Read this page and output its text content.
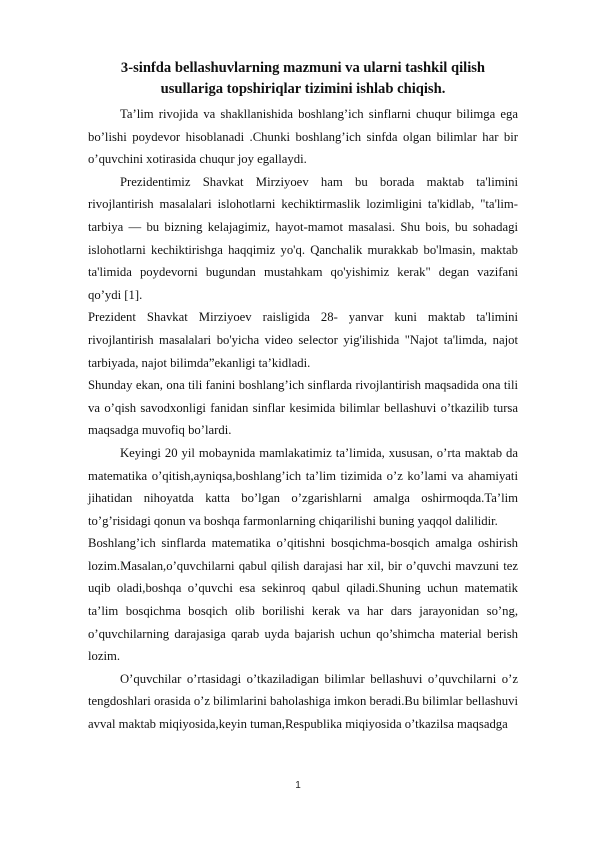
3-sinfda bellashuvlarning mazmuni va ularni tashkil qilish usullariga topshiriqlar tizimini ishlab chiqish.

Ta’lim rivojida va shakllanishida boshlang’ich sinflarni chuqur bilimga ega bo’lishi poydevor hisoblanadi .Chunki boshlang’ich sinfda olgan bilimlar har bir o’quvchini xotirasida chuqur joy egallaydi.

Prezidentimiz Shavkat Mirziyoev ham bu borada maktab ta'limini rivojlantirish masalalari islohotlarni kechiktirmaslik lozimligini ta'kidlab, "ta'lim-tarbiya — bu bizning kelajagimiz, hayot-mamot masalasi. Shu bois, bu sohadagi islohotlarni kechiktirishga haqqimiz yo'q. Qanchalik murakkab bo'lmasin, maktab ta'limida poydevorni bugundan mustahkam qo'yishimiz kerak" degan vazifani qo’ydi [1].

Prezident Shavkat Mirziyoev raisligida 28- yanvar kuni maktab ta'limini rivojlantirish masalalari bo'yicha video selector yig'ilishida "Najot ta'limda, najot tarbiyada, najot bilimda”ekanligi ta’kidladi.

Shunday ekan, ona tili fanini boshlang’ich sinflarda rivojlantirish maqsadida ona tili va o’qish savodxonligi fanidan sinflar kesimida bilimlar bellashuvi o’tkazilib tursa maqsadga muvofiq bo’lardi.

Keyingi 20 yil mobaynida mamlakatimiz ta’limida, xususan, o’rta maktab da matematika o’qitish,ayniqsa,boshlang’ich ta’lim tizimida o’z ko’lami va ahamiyati jihatidan nihoyatda katta bo’lgan o’zgarishlarni amalga oshirmoqda.Ta’lim to’g’risidagi qonun va boshqa farmonlarning chiqarilishi buning yaqqol dalilidir.

Boshlang’ich sinflarda matematika o’qitishni bosqichma-bosqich amalga oshirish lozim.Masalan,o’quvchilarni qabul qilish darajasi har xil, bir o’quvchi mavzuni tez uqib oladi,boshqa o’quvchi esa sekinroq qabul qiladi.Shuning uchun matematik ta’lim bosqichma bosqich olib borilishi kerak va har dars jarayonidan so’ng, o’quvchilarning darajasiga qarab uyda bajarish uchun qo’shimcha material berish lozim.

O’quvchilar o’rtasidagi o’tkaziladigan bilimlar bellashuvi o’quvchilarni o’z tengdoshlari orasida o’z bilimlarini baholashiga imkon beradi.Bu bilimlar bellashuvi avval maktab miqiyosida,keyin tuman,Respublika miqiyosida o’tkazilsa maqsadga

1
